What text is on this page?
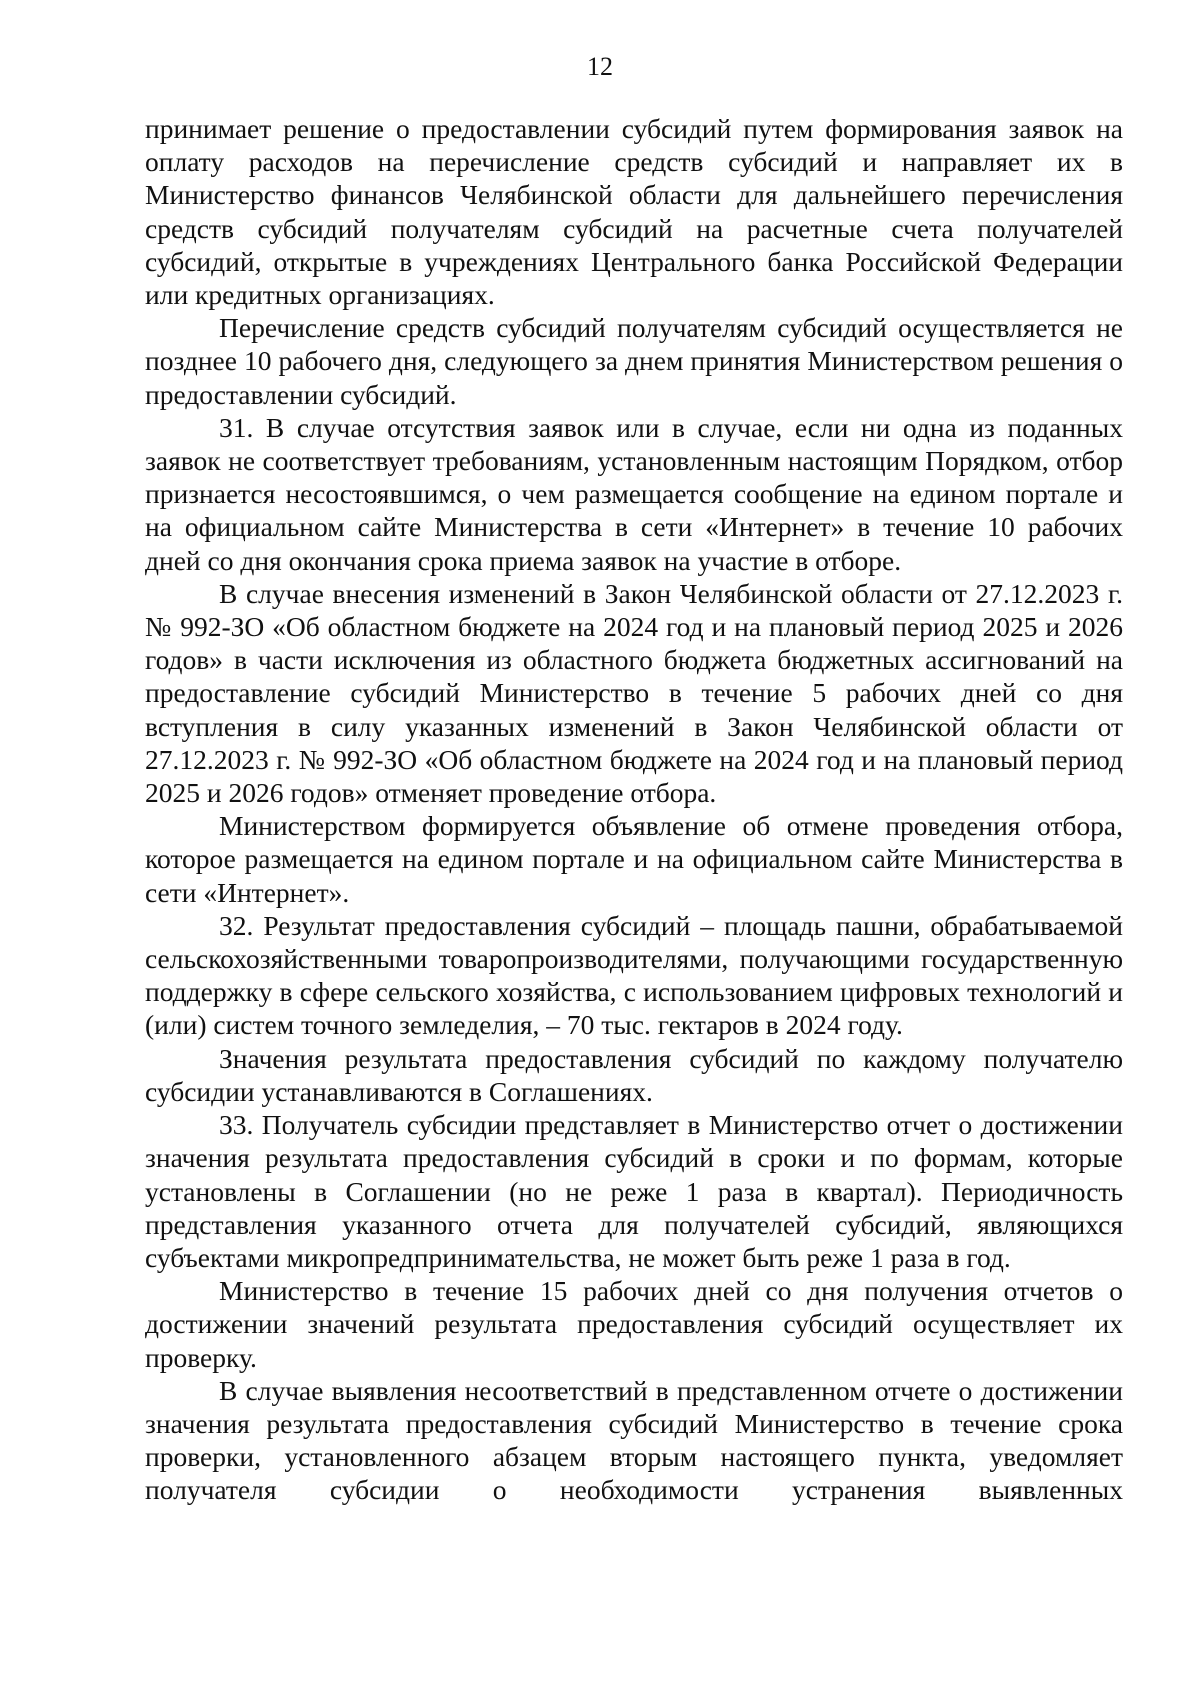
12

принимает решение о предоставлении субсидий путем формирования заявок на оплату расходов на перечисление средств субсидий и направляет их в Министерство финансов Челябинской области для дальнейшего перечисления средств субсидий получателям субсидий на расчетные счета получателей субсидий, открытые в учреждениях Центрального банка Российской Федерации или кредитных организациях.

Перечисление средств субсидий получателям субсидий осуществляется не позднее 10 рабочего дня, следующего за днем принятия Министерством решения о предоставлении субсидий.

31. В случае отсутствия заявок или в случае, если ни одна из поданных заявок не соответствует требованиям, установленным настоящим Порядком, отбор признается несостоявшимся, о чем размещается сообщение на едином портале и на официальном сайте Министерства в сети «Интернет» в течение 10 рабочих дней со дня окончания срока приема заявок на участие в отборе.

В случае внесения изменений в Закон Челябинской области от 27.12.2023 г. № 992-ЗО «Об областном бюджете на 2024 год и на плановый период 2025 и 2026 годов» в части исключения из областного бюджета бюджетных ассигнований на предоставление субсидий Министерство в течение 5 рабочих дней со дня вступления в силу указанных изменений в Закон Челябинской области от 27.12.2023 г. № 992-ЗО «Об областном бюджете на 2024 год и на плановый период 2025 и 2026 годов» отменяет проведение отбора.

Министерством формируется объявление об отмене проведения отбора, которое размещается на едином портале и на официальном сайте Министерства в сети «Интернет».

32. Результат предоставления субсидий – площадь пашни, обрабатываемой сельскохозяйственными товаропроизводителями, получающими государственную поддержку в сфере сельского хозяйства, с использованием цифровых технологий и (или) систем точного земледелия, – 70 тыс. гектаров в 2024 году.

Значения результата предоставления субсидий по каждому получателю субсидии устанавливаются в Соглашениях.

33. Получатель субсидии представляет в Министерство отчет о достижении значения результата предоставления субсидий в сроки и по формам, которые установлены в Соглашении (но не реже 1 раза в квартал). Периодичность представления указанного отчета для получателей субсидий, являющихся субъектами микропредпринимательства, не может быть реже 1 раза в год.

Министерство в течение 15 рабочих дней со дня получения отчетов о достижении значений результата предоставления субсидий осуществляет их проверку.

В случае выявления несоответствий в представленном отчете о достижении значения результата предоставления субсидий Министерство в течение срока проверки, установленного абзацем вторым настоящего пункта, уведомляет получателя субсидии о необходимости устранения выявленных
